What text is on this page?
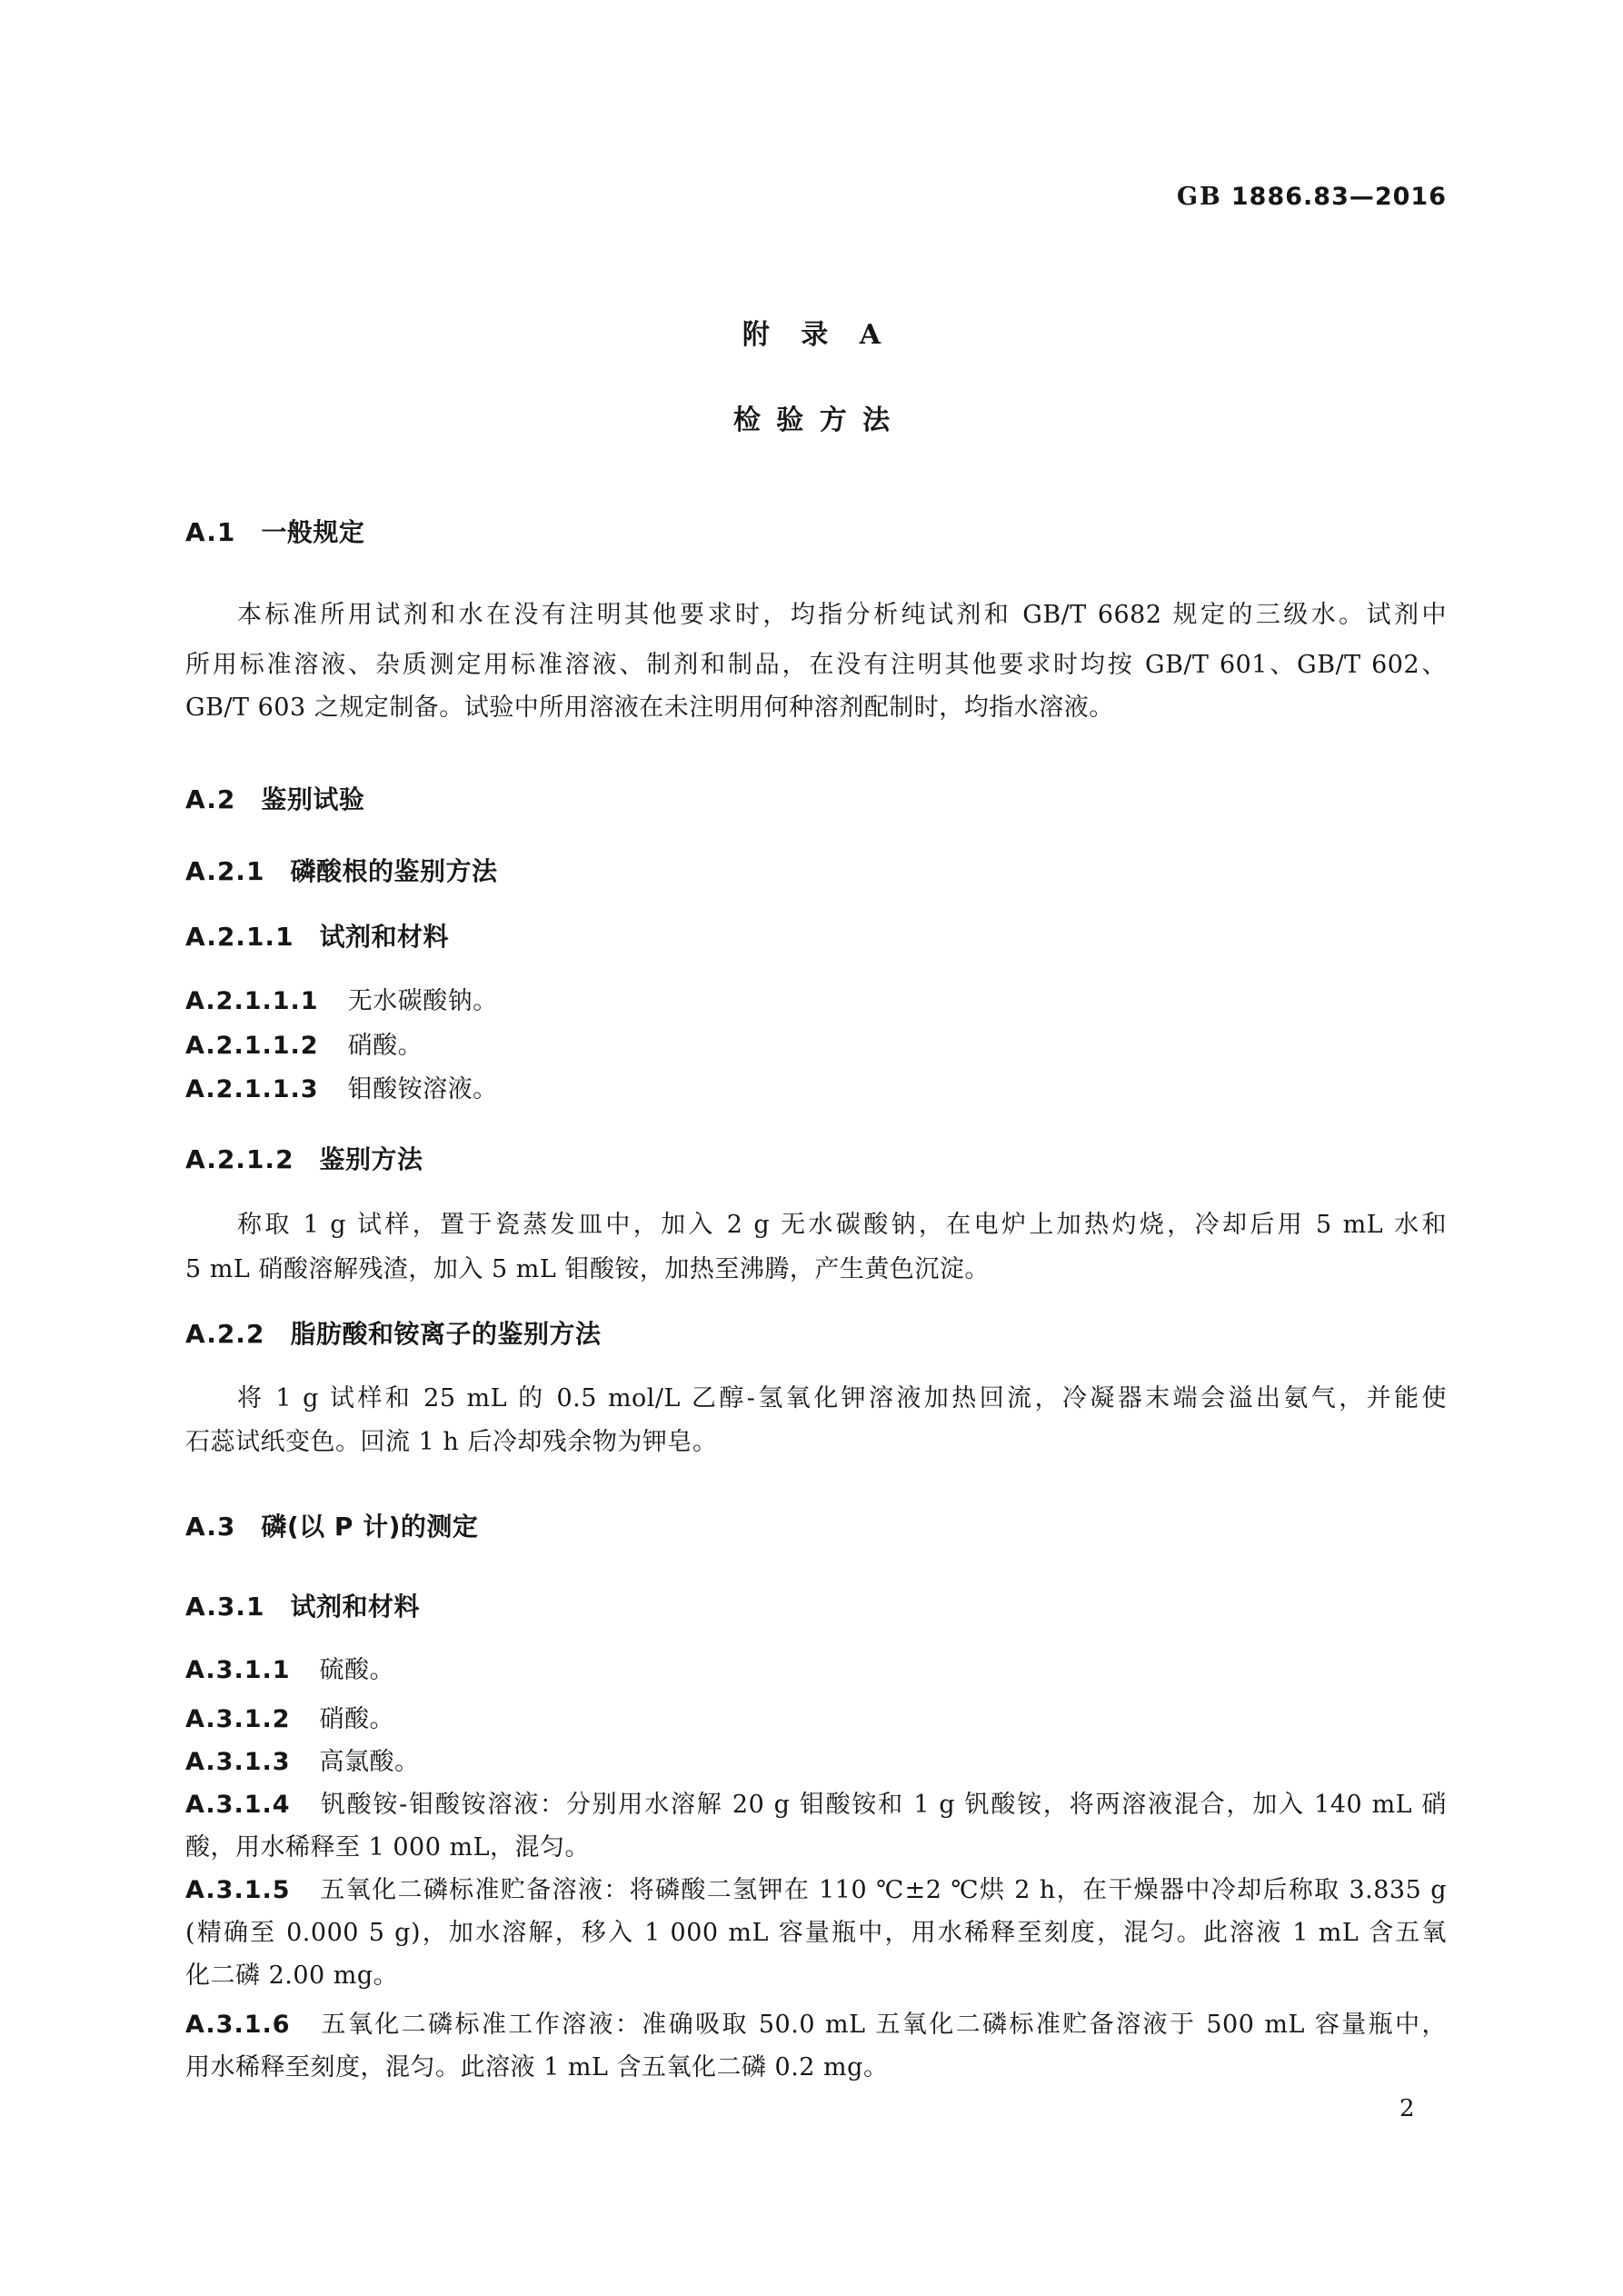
GB 1886.83—2016
附 录 A
检 验 方 法
A.1 一般规定
本标准所用试剂和水在没有注明其他要求时，均指分析纯试剂和 GB/T 6682 规定的三级水。试剂中
所用标准溶液、杂质测定用标准溶液、制剂和制品，在没有注明其他要求时均按 GB/T 601、GB/T 602、
GB/T 603 之规定制备。试验中所用溶液在未注明用何种溶剂配制时，均指水溶液。
A.2 鉴别试验
A.2.1 磷酸根的鉴别方法
A.2.1.1 试剂和材料
A.2.1.1.1 无水碳酸钠。
A.2.1.1.2 硝酸。
A.2.1.1.3 钼酸铵溶液。
A.2.1.2 鉴别方法
称取 1 g 试样，置于瓷蒸发皿中，加入 2 g 无水碳酸钠，在电炉上加热灼烧，冷却后用 5 mL 水和
5 mL 硝酸溶解残渣，加入 5 mL 钼酸铵，加热至沸腾，产生黄色沉淀。
A.2.2 脂肪酸和铵离子的鉴别方法
将 1 g 试样和 25 mL 的 0.5 mol/L 乙醇-氢氧化钾溶液加热回流，冷凝器末端会溢出氨气，并能使
石蕊试纸变色。回流 1 h 后冷却残余物为钾皂。
A.3 磷(以 P 计)的测定
A.3.1 试剂和材料
A.3.1.1 硫酸。
A.3.1.2 硝酸。
A.3.1.3 高氯酸。
A.3.1.4 钒酸铵-钼酸铵溶液：分别用水溶解 20 g 钼酸铵和 1 g 钒酸铵，将两溶液混合，加入 140 mL 硝
酸，用水稀释至 1 000 mL，混匀。
A.3.1.5 五氧化二磷标准贮备溶液：将磷酸二氢钾在 110 ℃±2 ℃烘 2 h，在干燥器中冷却后称取 3.835 g
(精确至 0.000 5 g)，加水溶解，移入 1 000 mL 容量瓶中，用水稀释至刻度，混匀。此溶液 1 mL 含五氧
化二磷 2.00 mg。
A.3.1.6 五氧化二磷标准工作溶液：准确吸取 50.0 mL 五氧化二磷标准贮备溶液于 500 mL 容量瓶中，
用水稀释至刻度，混匀。此溶液 1 mL 含五氧化二磷 0.2 mg。
2
